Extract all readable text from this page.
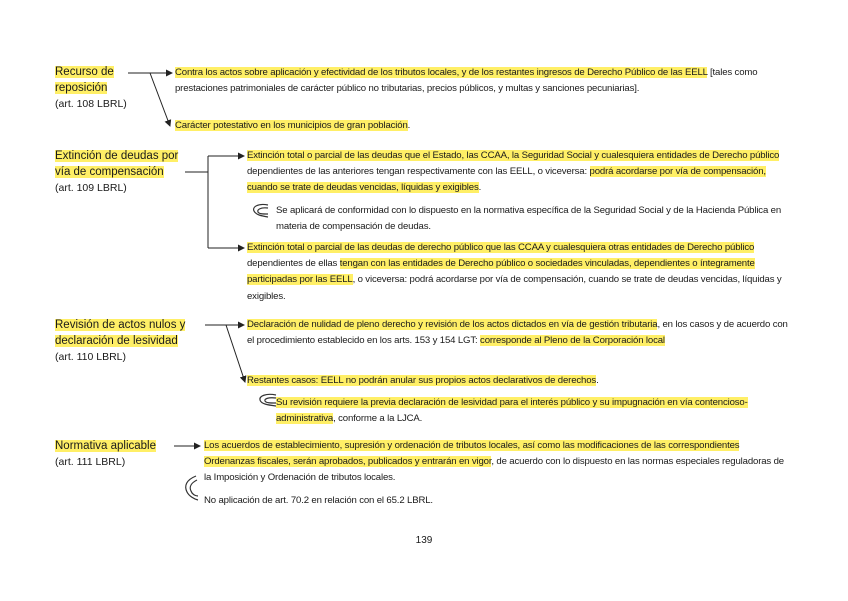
Recurso de
reposición
(art. 108 LBRL)
Contra los actos sobre aplicación y efectividad de los tributos locales, y de los restantes ingresos de Derecho Público de las EELL [tales como prestaciones patrimoniales de carácter público no tributarias, precios públicos, y multas y sanciones pecuniarias].
Carácter potestativo en los municipios de gran población.
Extinción de deudas por
vía de compensación
(art. 109 LBRL)
Extinción total o parcial de las deudas que el Estado, las CCAA, la Seguridad Social y cualesquiera entidades de Derecho público dependientes de las anteriores tengan respectivamente con las EELL, o viceversa: podrá acordarse por vía de compensación, cuando se trate de deudas vencidas, líquidas y exigibles.
Se aplicará de conformidad con lo dispuesto en la normativa específica de la Seguridad Social y de la Hacienda Pública en materia de compensación de deudas.
Extinción total o parcial de las deudas de derecho público que las CCAA y cualesquiera otras entidades de Derecho público dependientes de ellas tengan con las entidades de Derecho público o sociedades vinculadas, dependientes o íntegramente participadas por las EELL, o viceversa: podrá acordarse por vía de compensación, cuando se trate de deudas vencidas, líquidas y exigibles.
Revisión de actos nulos y
declaración de lesividad
(art. 110 LBRL)
Declaración de nulidad de pleno derecho y revisión de los actos dictados en vía de gestión tributaria, en los casos y de acuerdo con el procedimiento establecido en los arts. 153 y 154 LGT: corresponde al Pleno de la Corporación local
Restantes casos: EELL no podrán anular sus propios actos declarativos de derechos.
Su revisión requiere la previa declaración de lesividad para el interés público y su impugnación en vía contencioso-administrativa, conforme a la LJCA.
Normativa aplicable
(art. 111 LBRL)
Los acuerdos de establecimiento, supresión y ordenación de tributos locales, así como las modificaciones de las correspondientes Ordenanzas fiscales, serán aprobados, publicados y entrarán en vigor, de acuerdo con lo dispuesto en las normas especiales reguladoras de la Imposición y Ordenación de tributos locales.
No aplicación de art. 70.2 en relación con el 65.2 LBRL.
139
